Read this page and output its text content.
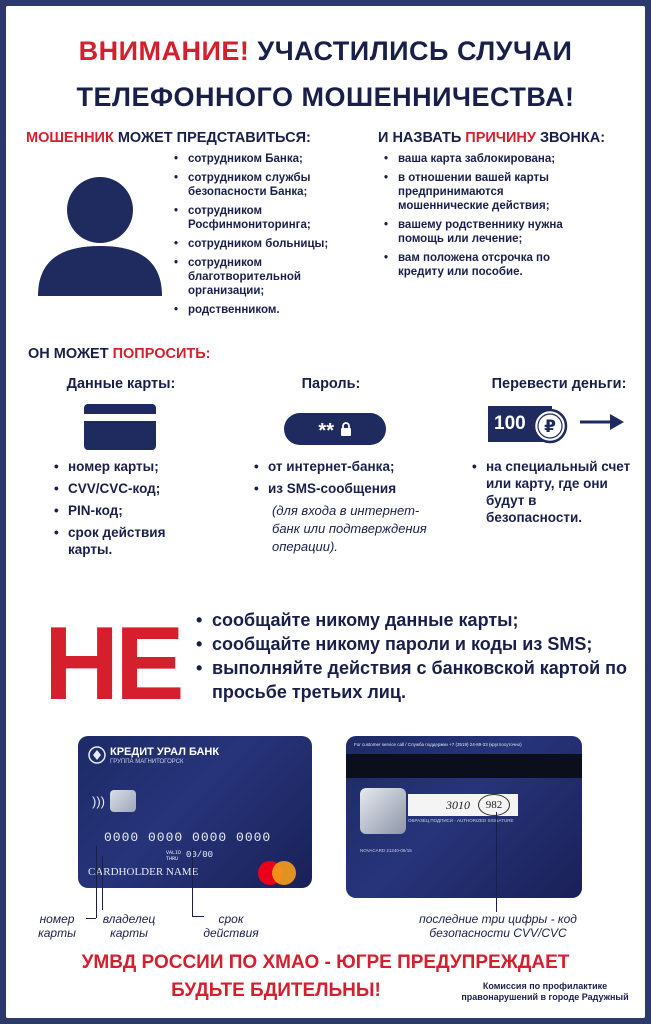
ВНИМАНИЕ! УЧАСТИЛИСЬ СЛУЧАИ
ТЕЛЕФОННОГО МОШЕННИЧЕСТВА!
МОШЕННИК МОЖЕТ ПРЕДСТАВИТЬСЯ:
• сотрудником Банка;
• сотрудником службы безопасности Банка;
• сотрудником Росфинмониторинга;
• сотрудником больницы;
• сотрудником благотворительной организации;
• родственником.
И НАЗВАТЬ ПРИЧИНУ ЗВОНКА:
• ваша карта заблокирована;
• в отношении вашей карты предпринимаются мошеннические действия;
• вашему родственнику нужна помощь или лечение;
• вам положена отсрочка по кредиту или пособие.
ОН МОЖЕТ ПОПРОСИТЬ:
Данные карты:
• номер карты;
• CVV/CVC-код;
• PIN-код;
• срок действия карты.
Пароль:
**
• от интернет-банка;
• из SMS-сообщения
(для входа в интернет-банк или подтверждения операции).
Перевести деньги:
100	₽
• на специальный счет или карту, где они будут в безопасности.
НЕ
•	сообщайте никому данные карты;
• сообщайте никому пароли и коды из SMS;
• выполняйте действия с банковской картой по просьбе третьих лиц.
КРЕДИТ УРАЛ БАНК
ГРУППА МАГНИТОГОРСК
)))
0000 0000 0000 0000
VALID THRU 00/00
CARDHOLDER NAME
For customer service call / Служба поддержки +7 (3519) 24-89-33 (круглосуточно)
3010	982
ОБРАЗЕЦ ПОДПИСИ - AUTHORIZED SIGNATURE
NOVACARD 21240-06/15
номер карты
владелец карты
срок действия
последние три цифры - код безопасности CVV/CVC
УМВД РОССИИ ПО ХМАО - ЮГРЕ ПРЕДУПРЕЖДАЕТ
БУДЬТЕ БДИТЕЛЬНЫ!	Комиссия по профилактике правонарушений в городе Радужный
